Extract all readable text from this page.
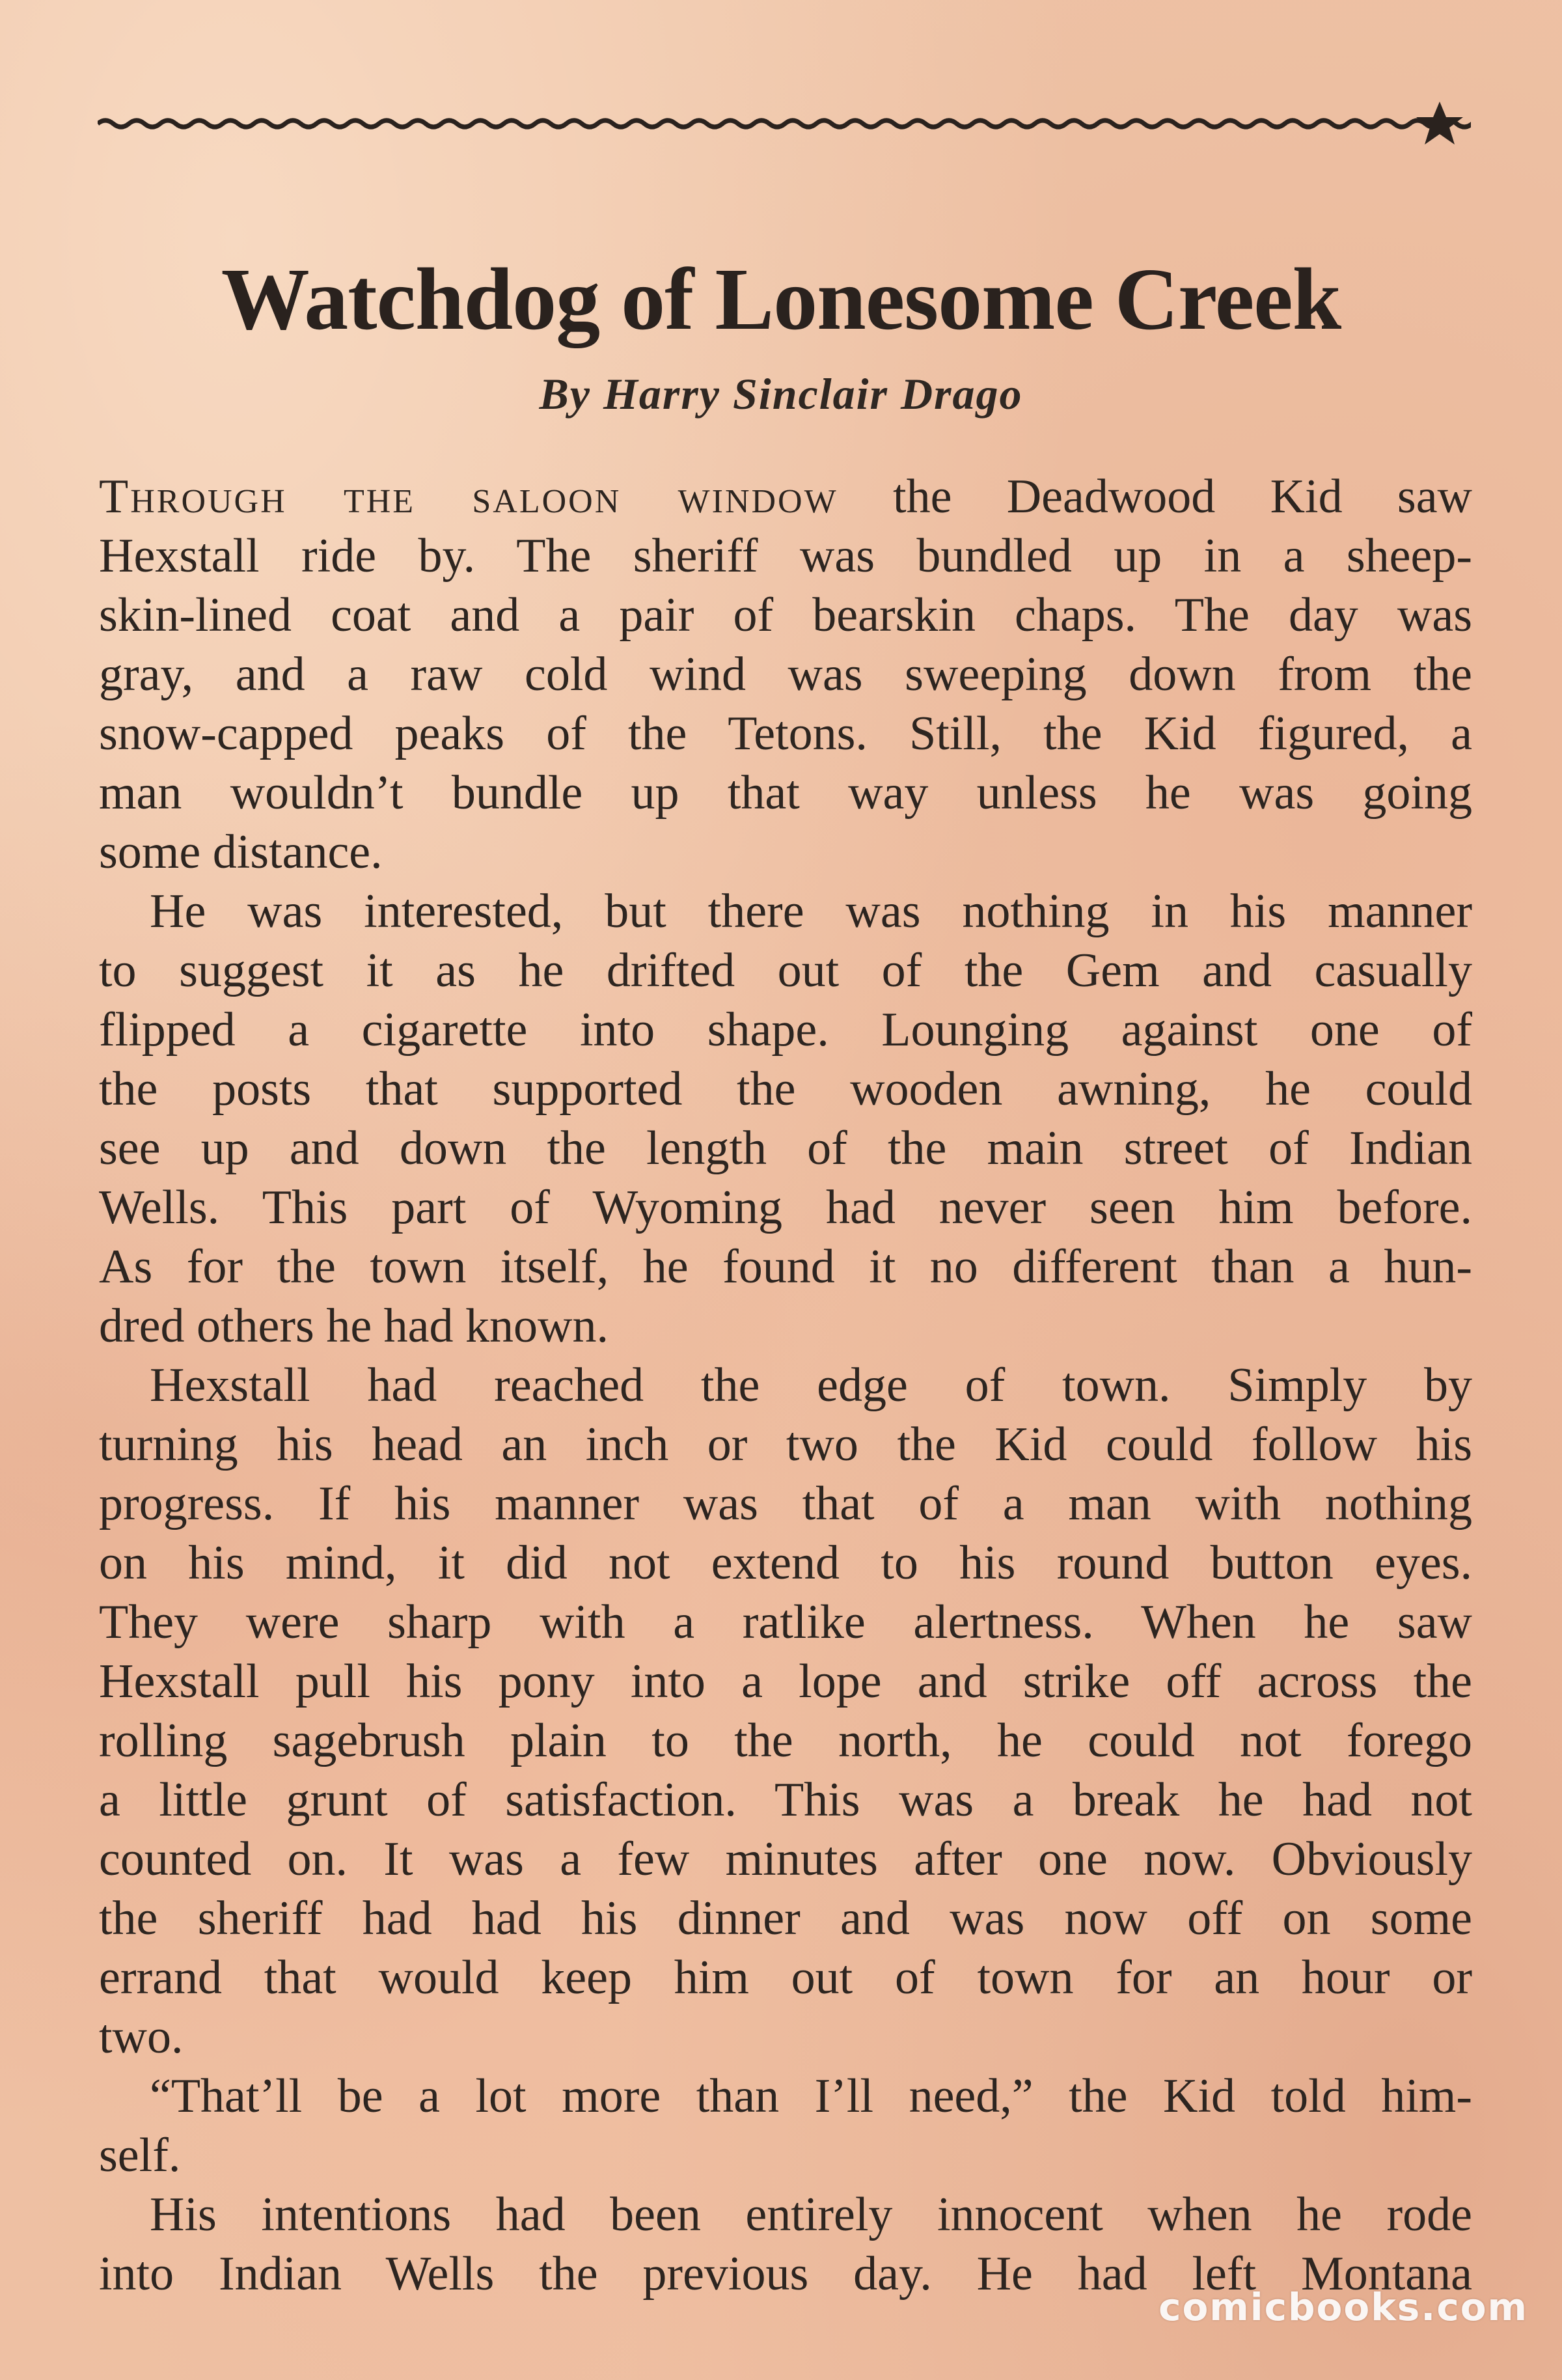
Watchdog of Lonesome Creek
By Harry Sinclair Drago
Through the saloon window the Deadwood Kid saw
Hexstall ride by. The sheriff was bundled up in a sheep-
skin-lined coat and a pair of bearskin chaps. The day was
gray, and a raw cold wind was sweeping down from the
snow-capped peaks of the Tetons. Still, the Kid figured, a
man wouldn’t bundle up that way unless he was going
some distance.
He was interested, but there was nothing in his manner
to suggest it as he drifted out of the Gem and casually
flipped a cigarette into shape. Lounging against one of
the posts that supported the wooden awning, he could
see up and down the length of the main street of Indian
Wells. This part of Wyoming had never seen him before.
As for the town itself, he found it no different than a hun-
dred others he had known.
Hexstall had reached the edge of town. Simply by
turning his head an inch or two the Kid could follow his
progress. If his manner was that of a man with nothing
on his mind, it did not extend to his round button eyes.
They were sharp with a ratlike alertness. When he saw
Hexstall pull his pony into a lope and strike off across the
rolling sagebrush plain to the north, he could not forego
a little grunt of satisfaction. This was a break he had not
counted on. It was a few minutes after one now. Obviously
the sheriff had had his dinner and was now off on some
errand that would keep him out of town for an hour or
two.
“That’ll be a lot more than I’ll need,” the Kid told him-
self.
His intentions had been entirely innocent when he rode
into Indian Wells the previous day. He had left Montana
comicbooks.com
